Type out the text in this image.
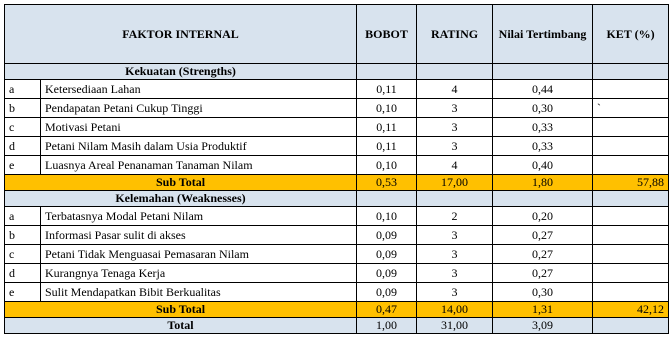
FAKTOR INTERNAL		BOBOT	RATING	Nilai Tertimbang	KET (%)
Kekuatan (Strengths)					
a	Ketersediaan Lahan	0,11	4	0,44	
b	Pendapatan Petani Cukup Tinggi	0,10	3	0,30	`
c	Motivasi Petani	0,11	3	0,33	
d	Petani Nilam Masih dalam Usia Produktif	0,11	3	0,33	
e	Luasnya Areal Penanaman Tanaman Nilam	0,10	4	0,40	
Sub Total		0,53	17,00	1,80	57,88
Kelemahan (Weaknesses)					
a	Terbatasnya Modal Petani Nilam	0,10	2	0,20	
b	Informasi Pasar sulit di akses	0,09	3	0,27	
c	Petani Tidak Menguasai Pemasaran Nilam	0,09	3	0,27	
d	Kurangnya Tenaga Kerja	0,09	3	0,27	
e	Sulit Mendapatkan Bibit Berkualitas	0,09	3	0,30	
Sub Total		0,47	14,00	1,31	42,12
Total		1,00	31,00	3,09	
